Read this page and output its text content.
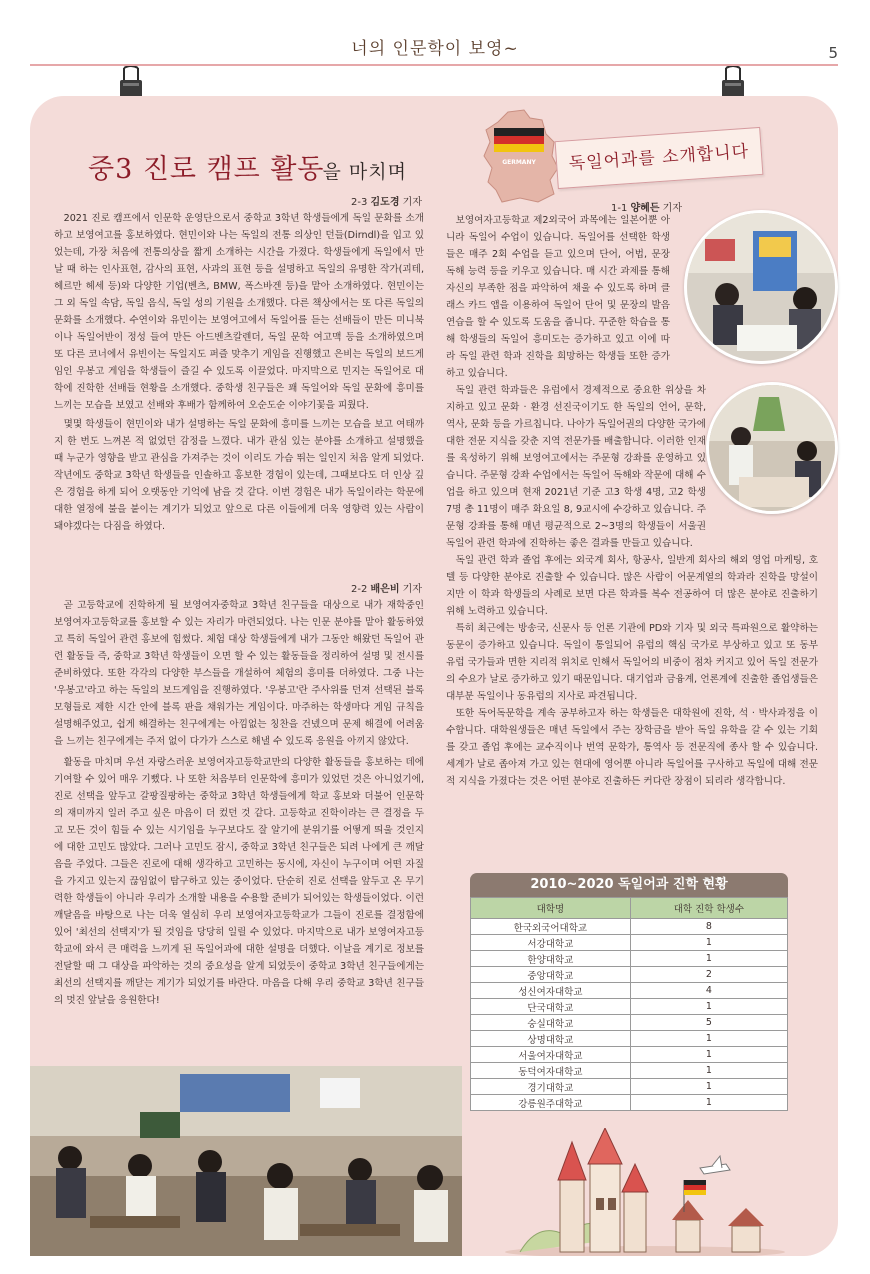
너의 인문학이 보영~	5
중3 진로 캠프 활동을 마치며	GERMANY	독일어과를 소개합니다
2-3 김도경 기자

2021 진로 캠프에서 인문학 운영단으로서 중학교 3학년 학생들에게 독일 문화를 소개하고 보영여고를 홍보하였다. 현민이와 나는 독일의 전통 의상인 던들(Dirndl)을 입고 있었는데, 가장 처음에 전통의상을 짧게 소개하는 시간을 가졌다. 학생들에게 독일에서 만날 때 하는 인사표현, 감사의 표현, 사과의 표현 등을 설명하고 독일의 유명한 작가(괴테, 헤르만 헤세 등)와 다양한 기업(벤츠, BMW, 폭스바겐 등)을 맡아 소개하였다. 현민이는 그 외 독일 속담, 독일 음식, 독일 성의 기원을 소개했다. 다른 책상에서는 또 다른 독일의 문화를 소개했다. 수연이와 유민이는 보영여고에서 독일어를 듣는 선배들이 만든 미니북이나 독일어반이 정성 들여 만든 아드벤츠칼렌더, 독일 문학 여고맥 등을 소개하였으며 또 다른 코너에서 유빈이는 독일지도 퍼즐 맞추기 게임을 진행했고 은비는 독일의 보드게임인 우봉고 게임을 학생들이 즐길 수 있도록 이끌었다. 마지막으로 민지는 독일어로 대학에 진학한 선배들 현황을 소개했다. 중학생 친구들은 꽤 독일어와 독일 문화에 흥미를 느끼는 모습을 보였고 선배와 후배가 함께하여 오순도순 이야기꽃을 피웠다.

몇몇 학생들이 현민이와 내가 설명하는 독일 문화에 흥미를 느끼는 모습을 보고 여태까지 한 번도 느껴본 적 없었던 감정을 느꼈다. 내가 관심 있는 분야를 소개하고 설명했을 때 누군가 영향을 받고 관심을 가져주는 것이 이리도 가슴 뛰는 일인지 처음 알게 되었다. 작년에도 중학교 3학년 학생들을 인솔하고 홍보한 경험이 있는데, 그때보다도 더 인상 깊은 경험을 하게 되어 오랫동안 기억에 남을 것 같다. 이번 경험은 내가 독일이라는 학문에 대한 열정에 불을 붙이는 계기가 되었고 앞으로 다른 이들에게 더욱 영향력 있는 사람이 돼야겠다는 다짐을 하였다.

2-2 배은비 기자

곧 고등학교에 진학하게 될 보영여자중학교 3학년 친구들을 대상으로 내가 재학중인 보영여자고등학교를 홍보할 수 있는 자리가 마련되었다. 나는 인문 분야를 맡아 활동하였고 특히 독일어 관련 홍보에 힘썼다. 체험 대상 학생들에게 내가 그동안 해왔던 독일어 관련 활동들 즉, 중학교 3학년 학생들이 오면 할 수 있는 활동들을 정리하여 설명 및 전시를 준비하였다. 또한 각각의 다양한 부스들을 개설하여 체험의 흥미를 더하였다. 그중 나는 '우봉고'라고 하는 독일의 보드게임을 진행하였다. '우봉고'란 주사위를 던져 선택된 블록 모형들로 제한 시간 안에 블록 판을 채워가는 게임이다. 마주하는 학생마다 게임 규칙을 설명해주었고, 쉽게 해결하는 친구에게는 아낌없는 칭찬을 건넸으며 문제 해결에 어려움을 느끼는 친구에게는 주저 없이 다가가 스스로 해낼 수 있도록 응원을 아끼지 않았다.

활동을 마치며 우선 자랑스러운 보영여자고등학교만의 다양한 활동들을 홍보하는 데에 기여할 수 있어 매우 기뻤다. 나 또한 처음부터 인문학에 흥미가 있었던 것은 아니었기에, 진로 선택을 앞두고 갈팡질팡하는 중학교 3학년 학생들에게 학교 홍보와 더불어 인문학의 재미까지 일러 주고 싶은 마음이 더 컸던 것 같다. 고등학교 진학이라는 큰 결정을 두고 모든 것이 힘들 수 있는 시기임을 누구보다도 잘 알기에 분위기를 어떻게 띄울 것인지에 대한 고민도 많았다. 그러나 고민도 잠시, 중학교 3학년 친구들은 되려 나에게 큰 깨달음을 주었다. 그들은 진로에 대해 생각하고 고민하는 동시에, 자신이 누구이며 어떤 자질을 가지고 있는지 끊임없이 탐구하고 있는 중이었다. 단순히 진로 선택을 앞두고 온 무기력한 학생들이 아니라 우리가 소개할 내용을 수용할 준비가 되어있는 학생들이었다. 이런 깨달음을 바탕으로 나는 더욱 열심히 우리 보영여자고등학교가 그들이 진로를 결정함에 있어 '최선의 선택지'가 될 것임을 당당히 일릴 수 있었다. 마지막으로 내가 보영여자고등학교에 와서 큰 매력을 느끼게 된 독일어과에 대한 설명을 더했다. 이날을 계기로 정보를 전달할 때 그 대상을 파악하는 것의 중요성을 알게 되었듯이 중학교 3학년 친구들에게는 최선의 선택지를 깨닫는 계기가 되었기를 바란다. 마음을 다해 우리 중학교 3학년 친구들의 멋진 앞날을 응원한다!

1-1 양혜든 기자

보영여자고등학교 제2외국어 과목에는 일본어뿐 아니라 독일어 수업이 있습니다. 독일어를 선택한 학생들은 매주 2회 수업을 듣고 있으며 단어, 어법, 문장 독해 능력 등을 키우고 있습니다. 매 시간 과제를 통해 자신의 부족한 점을 파악하여 채울 수 있도록 하며 클래스 카드 앱을 이용하여 독일어 단어 및 문장의 발음 연습을 할 수 있도록 도움을 줍니다. 꾸준한 학습을 통해 학생들의 독일어 흥미도는 증가하고 있고 이에 따라 독일 관련 학과 진학을 희망하는 학생들 또한 증가하고 있습니다.

독일 관련 학과들은 유럽에서 경제적으로 중요한 위상을 차지하고 있고 문화 · 환경 선진국이기도 한 독일의 언어, 문학, 역사, 문화 등을 가르칩니다. 나아가 독일어권의 다양한 국가에 대한 전문 지식을 갖춘 지역 전문가를 배출합니다. 이러한 인재를 육성하기 위해 보영여고에서는 주문형 강좌를 운영하고 있습니다. 주문형 강좌 수업에서는 독일어 독해와 작문에 대해 수업을 하고 있으며 현재 2021년 기준 고3 학생 4명, 고2 학생 7명 총 11명이 매주 화요일 8, 9교시에 수강하고 있습니다. 주문형 강좌를 통해 매년 평균적으로 2~3명의 학생들이 서울권 독일어 관련 학과에 진학하는 좋은 결과를 만들고 있습니다.

독일 관련 학과 졸업 후에는 외국계 회사, 항공사, 일반계 회사의 해외 영업 마케팅, 호텔 등 다양한 분야로 진출할 수 있습니다. 많은 사람이 어문계열의 학과라 진학을 망설이지만 이 학과 학생들의 사례로 보면 다른 학과를 복수 전공하여 더 많은 분야로 진출하기 위해 노력하고 있습니다.

특히 최근에는 방송국, 신문사 등 언론 기관에 PD와 기자 및 외국 특파원으로 활약하는 동문이 증가하고 있습니다. 독일이 통일되어 유럽의 핵심 국가로 부상하고 있고 또 동부 유럽 국가들과 면한 지리적 위치로 인해서 독일어의 비중이 점차 커지고 있어 독일 전문가의 수요가 날로 증가하고 있기 때문입니다. 대기업과 금융계, 언론계에 진출한 졸업생들은 대부분 독일이나 동유럽의 지사로 파견됩니다.

또한 독어독문학을 계속 공부하고자 하는 학생들은 대학원에 진학, 석 · 박사과정을 이수합니다. 대학원생들은 매년 독일에서 주는 장학금을 받아 독일 유학을 갈 수 있는 기회를 갖고 졸업 후에는 교수직이나 번역 문학가, 통역사 등 전문직에 종사 할 수 있습니다. 세계가 날로 좁아져 가고 있는 현대에 영어뿐 아니라 독일어를 구사하고 독일에 대해 전문적 지식을 가졌다는 것은 어떤 분야로 진출하든 커다란 장점이 되리라 생각합니다.

2010~2020 독일어과 진학 현황
대학명	대학 진학 학생수
한국외국어대학교	8
서강대학교	1
한양대학교	1
중앙대학교	2
성신여자대학교	4
단국대학교	1
숭실대학교	5
상명대학교	1
서울여자대학교	1
동덕여자대학교	1
경기대학교	1
강릉원주대학교	1
